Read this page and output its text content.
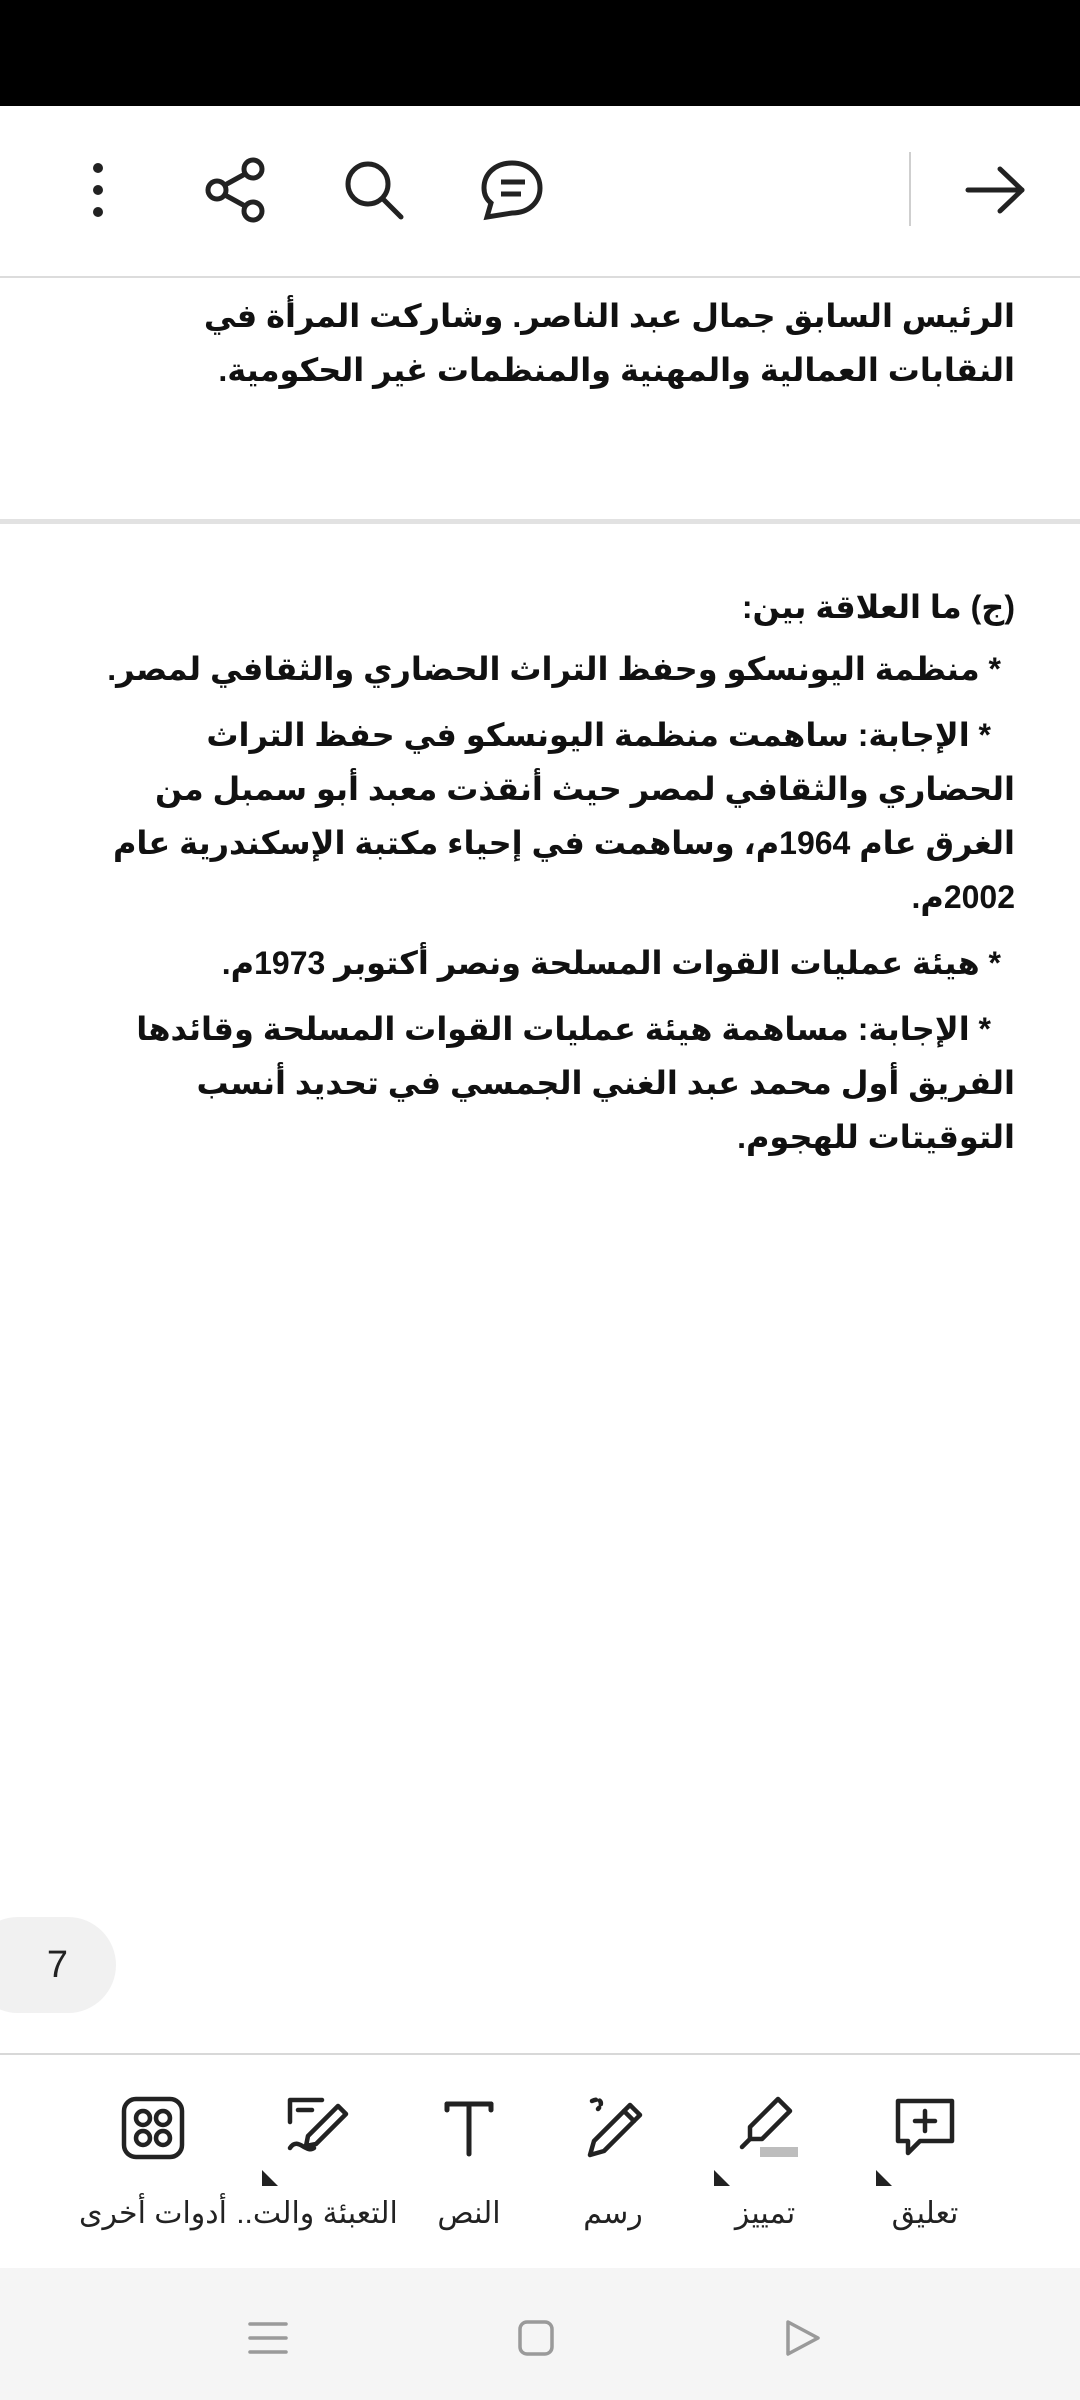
الرئيس السابق جمال عبد الناصر. وشاركت المرأة في النقابات العمالية والمهنية والمنظمات غير الحكومية.

(ج) ما العلاقة بين:

* منظمة اليونسكو وحفظ التراث الحضاري والثقافي لمصر.

* الإجابة: ساهمت منظمة اليونسكو في حفظ التراث الحضاري والثقافي لمصر حيث أنقذت معبد أبو سمبل من الغرق عام 1964م، وساهمت في إحياء مكتبة الإسكندرية عام 2002م.

* هيئة عمليات القوات المسلحة ونصر أكتوبر 1973م.

* الإجابة: مساهمة هيئة عمليات القوات المسلحة وقائدها الفريق أول محمد عبد الغني الجمسي في تحديد أنسب التوقيتات للهجوم.

7
أدوات أخرى التعبئة والت..	النص	رسم	تمييز	تعليق
